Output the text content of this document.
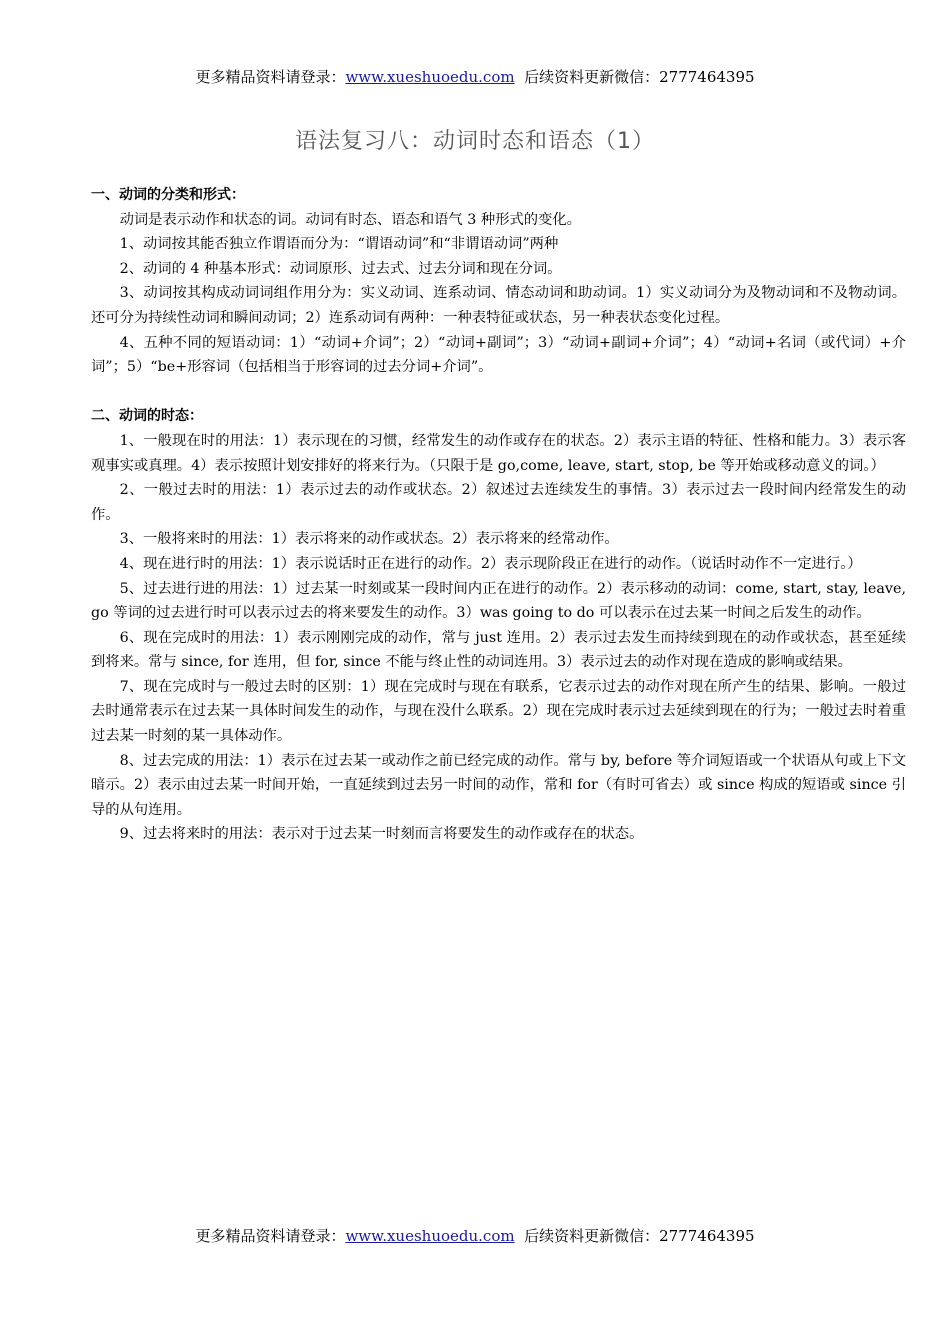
更多精品资料请登录：www.xueshuoedu.com 后续资料更新微信：2777464395
语法复习八：动词时态和语态（1）

一、动词的分类和形式：

动词是表示动作和状态的词。动词有时态、语态和语气 3 种形式的变化。

1、动词按其能否独立作谓语而分为：“谓语动词”和“非谓语动词”两种

2、动词的 4 种基本形式：动词原形、过去式、过去分词和现在分词。

3、动词按其构成动词词组作用分为：实义动词、连系动词、情态动词和助动词。1）实义动词分为及物动词和不及物动词。还可分为持续性动词和瞬间动词；2）连系动词有两种：一种表特征或状态，另一种表状态变化过程。

4、五种不同的短语动词：1）“动词+介词”；2）“动词+副词”；3）“动词+副词+介词”；4）“动词+名词（或代词）+介词”；5）“be+形容词（包括相当于形容词的过去分词+介词”。

二、动词的时态：

1、一般现在时的用法：1）表示现在的习惯，经常发生的动作或存在的状态。2）表示主语的特征、性格和能力。3）表示客观事实或真理。4）表示按照计划安排好的将来行为。（只限于是 go,come, leave, start, stop, be 等开始或移动意义的词。）

2、一般过去时的用法：1）表示过去的动作或状态。2）叙述过去连续发生的事情。3）表示过去一段时间内经常发生的动作。

3、一般将来时的用法：1）表示将来的动作或状态。2）表示将来的经常动作。

4、现在进行时的用法：1）表示说话时正在进行的动作。2）表示现阶段正在进行的动作。（说话时动作不一定进行。）

5、过去进行进的用法：1）过去某一时刻或某一段时间内正在进行的动作。2）表示移动的动词：come, start, stay, leave, go 等词的过去进行时可以表示过去的将来要发生的动作。3）was going to do 可以表示在过去某一时间之后发生的动作。

6、现在完成时的用法：1）表示刚刚完成的动作，常与 just 连用。2）表示过去发生而持续到现在的动作或状态，甚至延续到将来。常与 since, for 连用，但 for, since 不能与终止性的动词连用。3）表示过去的动作对现在造成的影响或结果。

7、现在完成时与一般过去时的区别：1）现在完成时与现在有联系，它表示过去的动作对现在所产生的结果、影响。一般过去时通常表示在过去某一具体时间发生的动作，与现在没什么联系。2）现在完成时表示过去延续到现在的行为；一般过去时着重过去某一时刻的某一具体动作。

8、过去完成的用法：1）表示在过去某一或动作之前已经完成的动作。常与 by, before 等介词短语或一个状语从句或上下文暗示。2）表示由过去某一时间开始，一直延续到过去另一时间的动作，常和 for（有时可省去）或 since 构成的短语或 since 引导的从句连用。

9、过去将来时的用法：表示对于过去某一时刻而言将要发生的动作或存在的状态。

更多精品资料请登录：www.xueshuoedu.com 后续资料更新微信：2777464395
